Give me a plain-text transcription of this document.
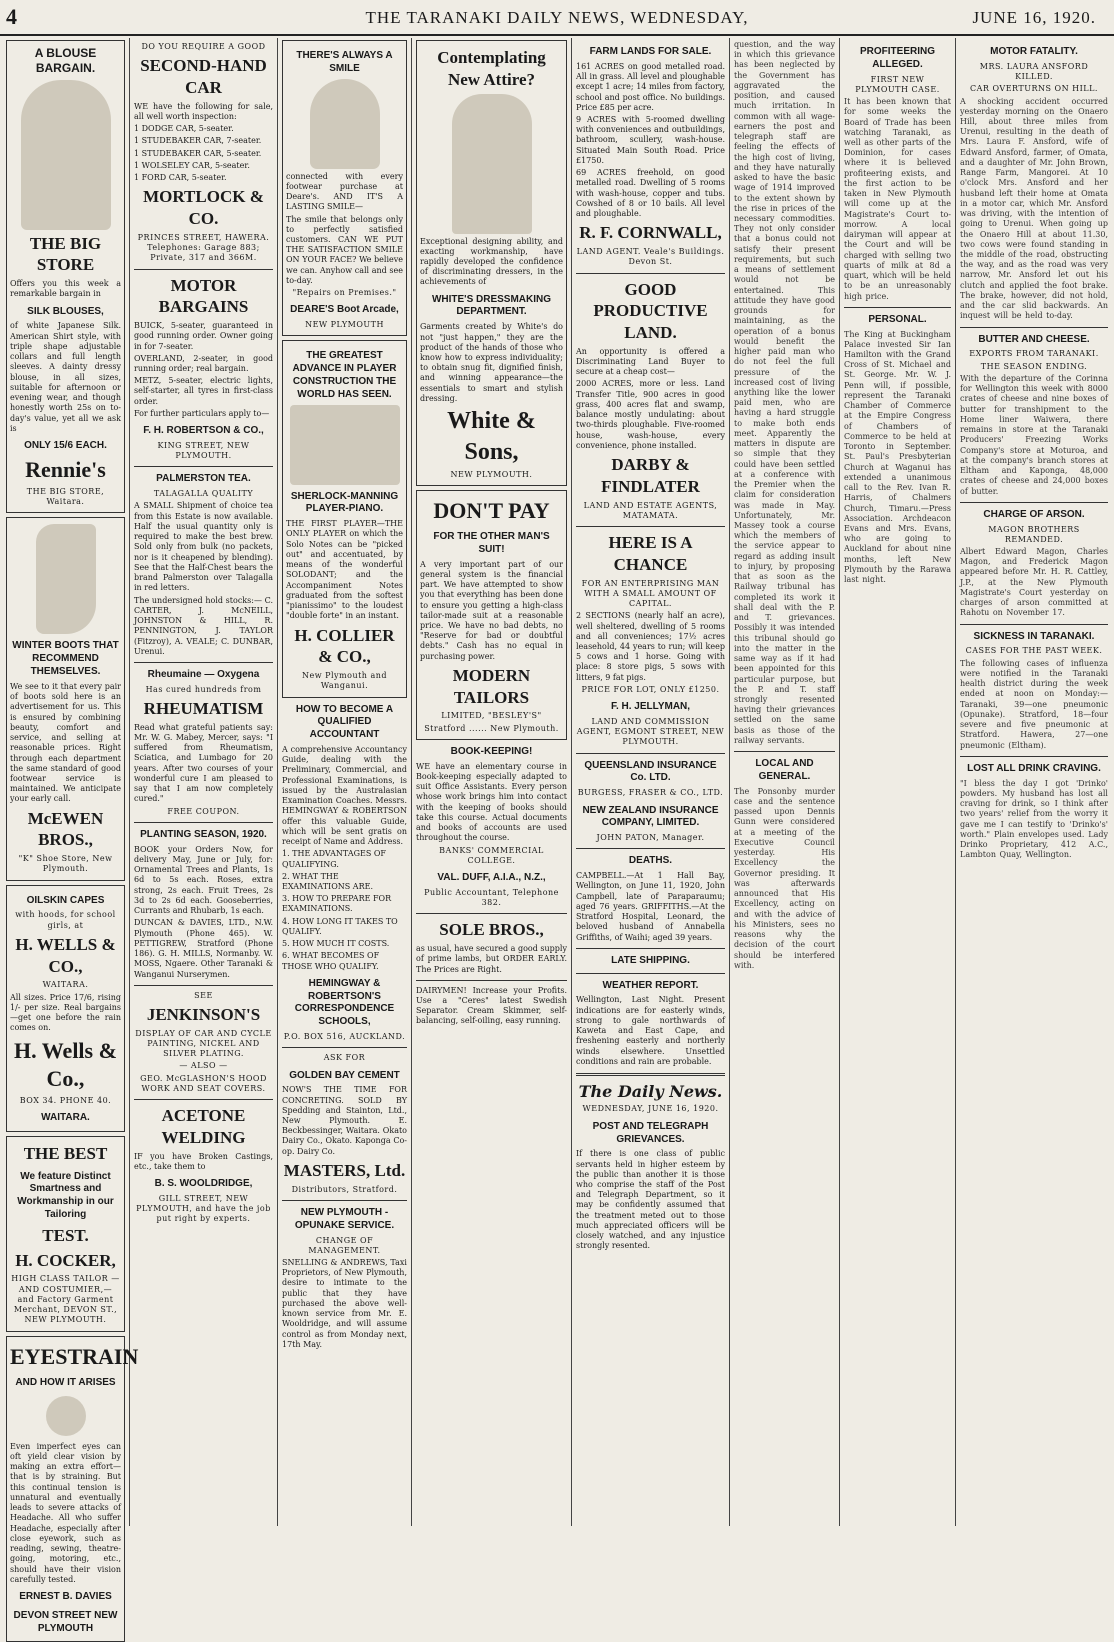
4	THE TARANAKI DAILY NEWS, WEDNESDAY,	JUNE 16, 1920.
A BLOUSE BARGAIN.
THE BIG STORE

Offers you this week a remarkable bargain in

SILK BLOUSES,

of white Japanese Silk. American Shirt style, with triple shape adjustable collars and full length sleeves. A dainty dressy blouse, in all sizes, suitable for afternoon or evening wear, and though honestly worth 25s on to-day's value, yet all we ask is

ONLY 15/6 EACH.
Rennie's
THE BIG STORE, Waitara.
WINTER BOOTS THAT RECOMMEND THEMSELVES.

We see to it that every pair of boots sold here is an advertisement for us. This is ensured by combining beauty, comfort and service, and selling at reasonable prices. Right through each department the same standard of good footwear service is maintained. We anticipate your early call.

McEWEN BROS.,
"K" Shoe Store, New Plymouth.
OILSKIN CAPES
with hoods, for school girls, at
H. WELLS & CO.,
WAITARA.

All sizes. Price 17/6, rising 1/- per size. Real bargains—get one before the rain comes on.

H. Wells & Co.,
BOX 34. PHONE 40.
WAITARA.
THE BEST
We feature Distinct Smartness and Workmanship in our Tailoring
TEST.
H. COCKER,
HIGH CLASS TAILOR —AND COSTUMIER,— and Factory Garment Merchant, DEVON ST., NEW PLYMOUTH.
EYESTRAIN
AND HOW IT ARISES

Even imperfect eyes can oft yield clear vision by making an extra effort—that is by straining. But this continual tension is unnatural and eventually leads to severe attacks of Headache. All who suffer Headache, especially after close eyework, such as reading, sewing, theatre-going, motoring, etc., should have their vision carefully tested.

ERNEST B. DAVIES
DEVON STREET NEW PLYMOUTH
DO YOU REQUIRE A GOOD
SECOND-HAND CAR

WE have the following for sale, all well worth inspection:

1 DODGE CAR, 5-seater.
1 STUDEBAKER CAR, 7-seater.
1 STUDEBAKER CAR, 5-seater.
1 WOLSELEY CAR, 5-seater.
1 FORD CAR, 5-seater.
MORTLOCK & CO.
PRINCES STREET, HAWERA. Telephones: Garage 883; Private, 317 and 366M.
MOTOR BARGAINS

BUICK, 5-seater, guaranteed in good running order. Owner going in for 7-seater.

OVERLAND, 2-seater, in good running order; real bargain.

METZ, 5-seater, electric lights, self-starter, all tyres in first-class order.

For further particulars apply to—

F. H. ROBERTSON & CO.,
KING STREET, NEW PLYMOUTH.
PALMERSTON TEA.
TALAGALLA QUALITY

A SMALL Shipment of choice tea from this Estate is now available. Half the usual quantity only is required to make the best brew. Sold only from bulk (no packets, nor is it cheapened by blending). See that the Half-Chest bears the brand Palmerston over Talagalla in red letters.

The undersigned hold stocks:— C. CARTER, J. McNEILL, JOHNSTON & HILL, R. PENNINGTON, J. TAYLOR (Fitzroy), A. VEALE; C. DUNBAR, Urenui.

Rheumaine — Oxygena
Has cured hundreds from
RHEUMATISM

Read what grateful patients say: Mr. W. G. Mabey, Mercer, says: "I suffered from Rheumatism, Sciatica, and Lumbago for 20 years. After two courses of your wonderful cure I am pleased to say that I am now completely cured."

FREE COUPON.
PLANTING SEASON, 1920.

BOOK your Orders Now, for delivery May, June or July, for: Ornamental Trees and Plants, 1s 6d to 5s each. Roses, extra strong, 2s each. Fruit Trees, 2s 3d to 2s 6d each. Gooseberries, Currants and Rhubarb, 1s each.

DUNCAN & DAVIES, LTD., N.W. Plymouth (Phone 465). W. PETTIGREW, Stratford (Phone 186). G. H. MILLS, Normanby. W. MOSS, Ngaere. Other Taranaki & Wanganui Nurserymen.

SEE
JENKINSON'S
DISPLAY OF CAR AND CYCLE PAINTING, NICKEL AND SILVER PLATING.
— ALSO —
GEO. McGLASHON'S HOOD WORK AND SEAT COVERS.
ACETONE WELDING

IF you have Broken Castings, etc., take them to

B. S. WOOLDRIDGE,
GILL STREET, NEW PLYMOUTH, and have the job put right by experts.
THERE'S ALWAYS A SMILE

connected with every footwear purchase at Deare's. AND IT'S A LASTING SMILE—

The smile that belongs only to perfectly satisfied customers. CAN WE PUT THE SATISFACTION SMILE ON YOUR FACE? We believe we can. Anyhow call and see to-day.

"Repairs on Premises."
DEARE'S Boot Arcade,
NEW PLYMOUTH
THE GREATEST ADVANCE IN PLAYER CONSTRUCTION THE WORLD HAS SEEN.
SHERLOCK-MANNING PLAYER-PIANO.

THE FIRST PLAYER—THE ONLY PLAYER on which the Solo Notes can be "picked out" and accentuated, by means of the wonderful SOLODANT; and the Accompaniment Notes graduated from the softest "pianissimo" to the loudest "double forte" in an instant.

H. COLLIER & CO.,
New Plymouth and Wanganui.
HOW TO BECOME A QUALIFIED ACCOUNTANT

A comprehensive Accountancy Guide, dealing with the Preliminary, Commercial, and Professional Examinations, is issued by the Australasian Examination Coaches. Messrs. HEMINGWAY & ROBERTSON offer this valuable Guide, which will be sent gratis on receipt of Name and Address.

1. THE ADVANTAGES OF QUALIFYING.
2. WHAT THE EXAMINATIONS ARE.
3. HOW TO PREPARE FOR EXAMINATIONS.
4. HOW LONG IT TAKES TO QUALIFY.
5. HOW MUCH IT COSTS.
6. WHAT BECOMES OF THOSE WHO QUALIFY.
HEMINGWAY & ROBERTSON'S CORRESPONDENCE SCHOOLS,
P.O. BOX 516, AUCKLAND.
ASK FOR
GOLDEN BAY CEMENT

NOW'S THE TIME FOR CONCRETING. SOLD BY Spedding and Stainton, Ltd., New Plymouth. E. Beckbessinger, Waitara. Okato Dairy Co., Okato. Kaponga Co-op. Dairy Co.

MASTERS, Ltd.
Distributors, Stratford.
NEW PLYMOUTH - OPUNAKE SERVICE.
CHANGE OF MANAGEMENT.

SNELLING & ANDREWS, Taxi Proprietors, of New Plymouth, desire to intimate to the public that they have purchased the above well-known service from Mr. E. Wooldridge, and will assume control as from Monday next, 17th May.

Contemplating New Attire?

Exceptional designing ability, and exacting workmanship, have rapidly developed the confidence of discriminating dressers, in the achievements of

WHITE'S DRESSMAKING DEPARTMENT.

Garments created by White's do not "just happen," they are the product of the hands of those who know how to express individuality; to obtain snug fit, dignified finish, and winning appearance—the essentials to smart and stylish dressing.

White & Sons,
NEW PLYMOUTH.
DON'T PAY
FOR THE OTHER MAN'S SUIT!

A very important part of our general system is the financial part. We have attempted to show you that everything has been done to ensure you getting a high-class tailor-made suit at a reasonable price. We have no bad debts, no "Reserve for bad or doubtful debts." Cash has no equal in purchasing power.

MODERN TAILORS
LIMITED, "BESLEY'S"
Stratford ...... New Plymouth.
BOOK-KEEPING!

WE have an elementary course in Book-keeping especially adapted to suit Office Assistants. Every person whose work brings him into contact with the keeping of books should take this course. Actual documents and books of accounts are used throughout the course.

BANKS' COMMERCIAL COLLEGE.
VAL. DUFF, A.I.A., N.Z.,
Public Accountant, Telephone 382.
SOLE BROS.,

as usual, have secured a good supply of prime lambs, but ORDER EARLY. The Prices are Right.

DAIRYMEN! Increase your Profits. Use a "Ceres" latest Swedish Separator. Cream Skimmer, self-balancing, self-oiling, easy running.

FARM LANDS FOR SALE.

161 ACRES on good metalled road. All in grass. All level and ploughable except 1 acre; 14 miles from factory, school and post office. No buildings. Price £85 per acre.

9 ACRES with 5-roomed dwelling with conveniences and outbuildings, bathroom, scullery, wash-house. Situated Main South Road. Price £1750.

69 ACRES freehold, on good metalled road. Dwelling of 5 rooms with wash-house, copper and tubs. Cowshed of 8 or 10 bails. All level and ploughable.

R. F. CORNWALL,
LAND AGENT. Veale's Buildings. Devon St.
GOOD PRODUCTIVE LAND.

An opportunity is offered a Discriminating Land Buyer to secure at a cheap cost—

2000 ACRES, more or less. Land Transfer Title, 900 acres in good grass, 400 acres flat and swamp, balance mostly undulating: about two-thirds ploughable. Five-roomed house, wash-house, every convenience, phone installed.

DARBY & FINDLATER
LAND AND ESTATE AGENTS, MATAMATA.
HERE IS A CHANCE
FOR AN ENTERPRISING MAN WITH A SMALL AMOUNT OF CAPITAL.

2 SECTIONS (nearly half an acre), well sheltered, dwelling of 5 rooms and all conveniences; 17½ acres leasehold, 44 years to run; will keep 5 cows and 1 horse. Going with place: 8 store pigs, 5 sows with litters, 9 fat pigs.

PRICE FOR LOT, ONLY £1250.
F. H. JELLYMAN,
LAND AND COMMISSION AGENT, EGMONT STREET, NEW PLYMOUTH.
QUEENSLAND INSURANCE Co. LTD.
BURGESS, FRASER & CO., LTD.
NEW ZEALAND INSURANCE COMPANY, LIMITED.
JOHN PATON, Manager.
DEATHS.

CAMPBELL.—At 1 Hall Bay, Wellington, on June 11, 1920, John Campbell, late of Paraparaumu; aged 76 years. GRIFFITHS.—At the Stratford Hospital, Leonard, the beloved husband of Annabella Griffiths, of Waihi; aged 39 years.

LATE SHIPPING.
WEATHER REPORT.

Wellington, Last Night. Present indications are for easterly winds, strong to gale northwards of Kaweta and East Cape, and freshening easterly and northerly winds elsewhere. Unsettled conditions and rain are probable.

The Daily News.
WEDNESDAY, JUNE 16, 1920.
POST AND TELEGRAPH GRIEVANCES.

If there is one class of public servants held in higher esteem by the public than another it is those who comprise the staff of the Post and Telegraph Department, so it may be confidently assumed that the treatment meted out to those much appreciated officers will be closely watched, and any injustice strongly resented.

question, and the way in which this grievance has been neglected by the Government has aggravated the position, and caused much irritation. In common with all wage-earners the post and telegraph staff are feeling the effects of the high cost of living, and they have naturally asked to have the basic wage of 1914 improved to the extent shown by the rise in prices of the necessary commodities. They not only consider that a bonus could not satisfy their present requirements, but such a means of settlement would not be entertained. This attitude they have good grounds for maintaining, as the operation of a bonus would benefit the higher paid man who do not feel the full pressure of the increased cost of living anything like the lower paid men, who are having a hard struggle to make both ends meet. Apparently the matters in dispute are so simple that they could have been settled at a conference with the Premier when the claim for consideration was made in May. Unfortunately, Mr. Massey took a course which the members of the service appear to regard as adding insult to injury, by proposing that as soon as the Railway tribunal has completed its work it shall deal with the P. and T. grievances. Possibly it was intended this tribunal should go into the matter in the same way as if it had been appointed for this particular purpose, but the P. and T. staff strongly resented having their grievances settled on the same basis as those of the railway servants.

LOCAL AND GENERAL.

The Ponsonby murder case and the sentence passed upon Dennis Gunn were considered at a meeting of the Executive Council yesterday. His Excellency the Governor presiding. It was afterwards announced that His Excellency, acting on and with the advice of his Ministers, sees no reasons why the decision of the court should be interfered with.

PROFITEERING ALLEGED.
FIRST NEW PLYMOUTH CASE.

It has been known that for some weeks the Board of Trade has been watching Taranaki, as well as other parts of the Dominion, for cases where it is believed profiteering exists, and the first action to be taken in New Plymouth will come up at the Magistrate's Court to-morrow. A local dairyman will appear at the Court and will be charged with selling two quarts of milk at 8d a quart, which will be held to be an unreasonably high price.

PERSONAL.

The King at Buckingham Palace invested Sir Ian Hamilton with the Grand Cross of St. Michael and St. George. Mr. W. J. Penn will, if possible, represent the Taranaki Chamber of Commerce at the Empire Congress of Chambers of Commerce to be held at Toronto in September. St. Paul's Presbyterian Church at Waganui has extended a unanimous call to the Rev. Ivan R. Harris, of Chalmers Church, Timaru.—Press Association. Archdeacon Evans and Mrs. Evans, who are going to Auckland for about nine months, left New Plymouth by the Rarawa last night.

MOTOR FATALITY.
MRS. LAURA ANSFORD KILLED.
CAR OVERTURNS ON HILL.

A shocking accident occurred yesterday morning on the Onaero Hill, about three miles from Urenui, resulting in the death of Mrs. Laura F. Ansford, wife of Edward Ansford, farmer, of Omata, and a daughter of Mr. John Brown, Range Farm, Mangorei. At 10 o'clock Mrs. Ansford and her husband left their home at Omata in a motor car, which Mr. Ansford was driving, with the intention of going to Urenui. When going up the Onaero Hill at about 11.30, two cows were found standing in the middle of the road, obstructing the way, and as the road was very narrow, Mr. Ansford let out his clutch and applied the foot brake. The brake, however, did not hold, and the car slid backwards. An inquest will be held to-day.

BUTTER AND CHEESE.
EXPORTS FROM TARANAKI.
THE SEASON ENDING.

With the departure of the Corinna for Wellington this week with 8000 crates of cheese and nine boxes of butter for transhipment to the Home liner Waiwera, there remains in store at the Taranaki Producers' Freezing Works Company's store at Moturoa, and at the company's branch stores at Eltham and Kaponga, 48,000 crates of cheese and 24,000 boxes of butter.

CHARGE OF ARSON.
MAGON BROTHERS REMANDED.

Albert Edward Magon, Charles Magon, and Frederick Magon appeared before Mr. H. R. Cattley, J.P., at the New Plymouth Magistrate's Court yesterday on charges of arson committed at Rahotu on November 17.

SICKNESS IN TARANAKI.
CASES FOR THE PAST WEEK.

The following cases of influenza were notified in the Taranaki health district during the week ended at noon on Monday:— Taranaki, 39—one pneumonic (Opunake). Stratford, 18—four severe and five pneumonic at Stratford. Hawera, 27—one pneumonic (Eltham).

LOST ALL DRINK CRAVING.

"I bless the day I got 'Drinko' powders. My husband has lost all craving for drink, so I think after two years' relief from the worry it gave me I can testify to 'Drinko's' worth." Plain envelopes used. Lady Drinko Proprietary, 412 A.C., Lambton Quay, Wellington.
